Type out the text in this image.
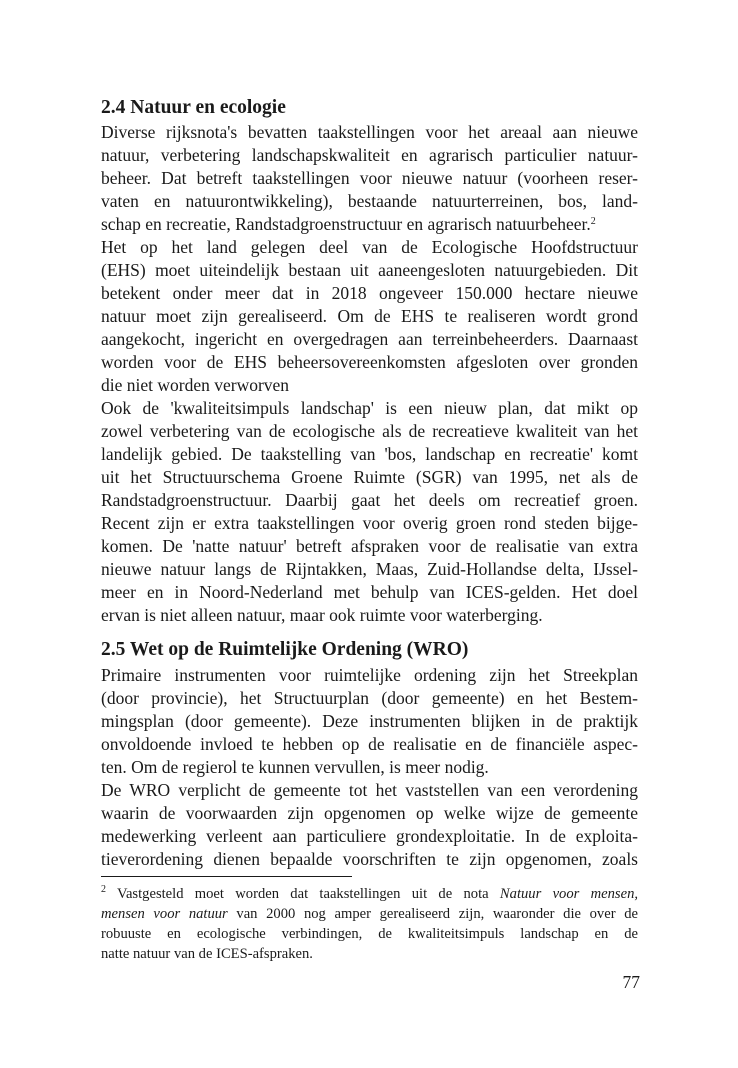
2.4 Natuur en ecologie
Diverse rijksnota's bevatten taakstellingen voor het areaal aan nieuwe
natuur, verbetering landschapskwaliteit en agrarisch particulier natuur-
beheer. Dat betreft taakstellingen voor nieuwe natuur (voorheen reser-
vaten en natuurontwikkeling), bestaande natuurterreinen, bos, land-
schap en recreatie, Randstadgroenstructuur en agrarisch natuurbeheer.$^2$
Het op het land gelegen deel van de Ecologische Hoofdstructuur
(EHS) moet uiteindelijk bestaan uit aaneengesloten natuurgebieden. Dit
betekent onder meer dat in 2018 ongeveer 150.000 hectare nieuwe
natuur moet zijn gerealiseerd. Om de EHS te realiseren wordt grond
aangekocht, ingericht en overgedragen aan terreinbeheerders. Daarnaast
worden voor de EHS beheersovereenkomsten afgesloten over gronden
die niet worden verworven
Ook de 'kwaliteitsimpuls landschap' is een nieuw plan, dat mikt op
zowel verbetering van de ecologische als de recreatieve kwaliteit van het
landelijk gebied. De taakstelling van 'bos, landschap en recreatie' komt
uit het Structuurschema Groene Ruimte (SGR) van 1995, net als de
Randstadgroenstructuur. Daarbij gaat het deels om recreatief groen.
Recent zijn er extra taakstellingen voor overig groen rond steden bijge-
komen. De 'natte natuur' betreft afspraken voor de realisatie van extra
nieuwe natuur langs de Rijntakken, Maas, Zuid-Hollandse delta, IJssel-
meer en in Noord-Nederland met behulp van ICES-gelden. Het doel
ervan is niet alleen natuur, maar ook ruimte voor waterberging.
2.5 Wet op de Ruimtelijke Ordening (WRO)
Primaire instrumenten voor ruimtelijke ordening zijn het Streekplan
(door provincie), het Structuurplan (door gemeente) en het Bestem-
mingsplan (door gemeente). Deze instrumenten blijken in de praktijk
onvoldoende invloed te hebben op de realisatie en de financiële aspec-
ten. Om de regierol te kunnen vervullen, is meer nodig.
De WRO verplicht de gemeente tot het vaststellen van een verordening
waarin de voorwaarden zijn opgenomen op welke wijze de gemeente
medewerking verleent aan particuliere grondexploitatie. In de exploita-
tieverordening dienen bepaalde voorschriften te zijn opgenomen, zoals
$^2$ Vastgesteld moet worden dat taakstellingen uit de nota Natuur voor mensen,
mensen voor natuur van 2000 nog amper gerealiseerd zijn, waaronder die over de
robuuste en ecologische verbindingen, de kwaliteitsimpuls landschap en de
natte natuur van de ICES-afspraken.
77
